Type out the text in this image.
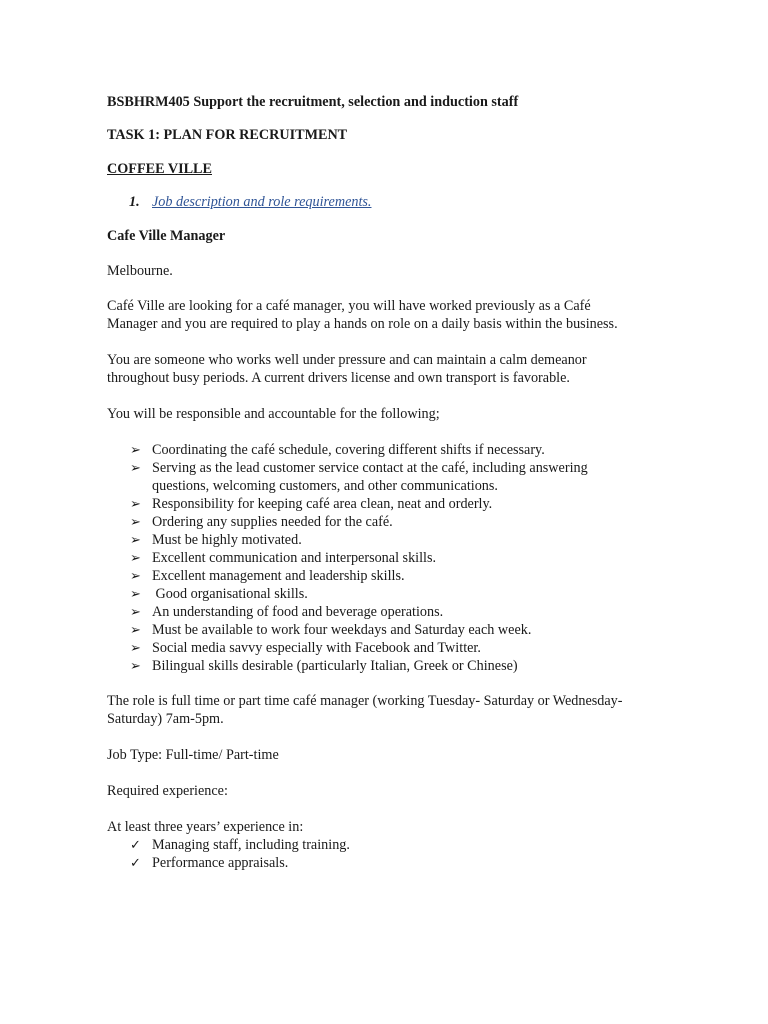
BSBHRM405 Support the recruitment, selection and induction staff
TASK 1: PLAN FOR RECRUITMENT
COFFEE VILLE
1. Job description and role requirements.
Cafe Ville Manager
Melbourne.
Café Ville are looking for a café manager, you will have worked previously as a Café
Manager and you are required to play a hands on role on a daily basis within the business.
You are someone who works well under pressure and can maintain a calm demeanor
throughout busy periods. A current drivers license and own transport is favorable.
You will be responsible and accountable for the following;
➢ Coordinating the café schedule, covering different shifts if necessary.
➢ Serving as the lead customer service contact at the café, including answering
questions, welcoming customers, and other communications.
➢ Responsibility for keeping café area clean, neat and orderly.
➢ Ordering any supplies needed for the café.
➢ Must be highly motivated.
➢ Excellent communication and interpersonal skills.
➢ Excellent management and leadership skills.
➢ Good organisational skills.
➢ An understanding of food and beverage operations.
➢ Must be available to work four weekdays and Saturday each week.
➢ Social media savvy especially with Facebook and Twitter.
➢ Bilingual skills desirable (particularly Italian, Greek or Chinese)
The role is full time or part time café manager (working Tuesday- Saturday or Wednesday-
Saturday) 7am-5pm.
Job Type: Full-time/ Part-time
Required experience:
At least three years’ experience in:
✓ Managing staff, including training.
✓ Performance appraisals.
